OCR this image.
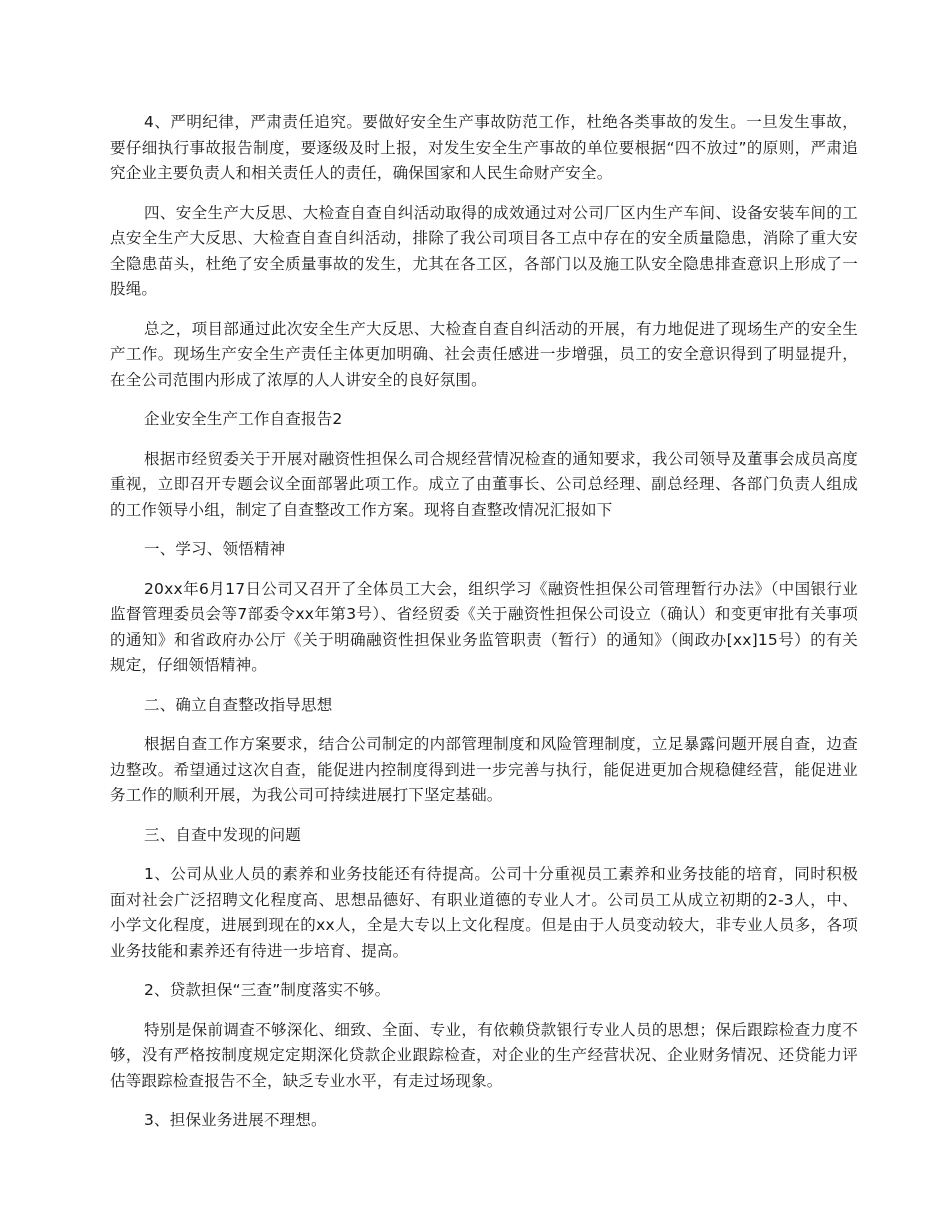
4、严明纪律，严肃责任追究。要做好安全生产事故防范工作，杜绝各类事故的发生。一旦发生事故，要仔细执行事故报告制度，要逐级及时上报，对发生安全生产事故的单位要根据“四不放过”的原则，严肃追究企业主要负责人和相关责任人的责任，确保国家和人民生命财产安全。

四、安全生产大反思、大检查自查自纠活动取得的成效通过对公司厂区内生产车间、设备安装车间的工点安全生产大反思、大检查自查自纠活动，排除了我公司项目各工点中存在的安全质量隐患，消除了重大安全隐患苗头，杜绝了安全质量事故的发生，尤其在各工区，各部门以及施工队安全隐患排查意识上形成了一股绳。

总之，项目部通过此次安全生产大反思、大检查自查自纠活动的开展，有力地促进了现场生产的安全生产工作。现场生产安全生产责任主体更加明确、社会责任感进一步增强，员工的安全意识得到了明显提升，在全公司范围内形成了浓厚的人人讲安全的良好氛围。

企业安全生产工作自查报告2

根据市经贸委关于开展对融资性担保么司合规经营情况检查的通知要求，我公司领导及董事会成员高度重视，立即召开专题会议全面部署此项工作。成立了由董事长、公司总经理、副总经理、各部门负责人组成的工作领导小组，制定了自查整改工作方案。现将自查整改情况汇报如下

一、学习、领悟精神

20xx年6月17日公司又召开了全体员工大会，组织学习《融资性担保公司管理暂行办法》（中国银行业监督管理委员会等7部委令xx年第3号）、省经贸委《关于融资性担保公司设立（确认）和变更审批有关事项的通知》和省政府办公厅《关于明确融资性担保业务监管职责（暂行）的通知》（闽政办[xx]15号）的有关规定，仔细领悟精神。

二、确立自查整改指导思想

根据自查工作方案要求，结合公司制定的内部管理制度和风险管理制度，立足暴露问题开展自查，边查边整改。希望通过这次自查，能促进内控制度得到进一步完善与执行，能促进更加合规稳健经营，能促进业务工作的顺利开展，为我公司可持续进展打下坚定基础。

三、自查中发现的问题

1、公司从业人员的素养和业务技能还有待提高。公司十分重视员工素养和业务技能的培育，同时积极面对社会广泛招聘文化程度高、思想品德好、有职业道德的专业人才。公司员工从成立初期的2-3人，中、小学文化程度，进展到现在的xx人，全是大专以上文化程度。但是由于人员变动较大，非专业人员多，各项业务技能和素养还有待进一步培育、提高。

2、贷款担保“三查”制度落实不够。

特别是保前调查不够深化、细致、全面、专业，有依赖贷款银行专业人员的思想；保后跟踪检查力度不够，没有严格按制度规定定期深化贷款企业跟踪检查，对企业的生产经营状况、企业财务情况、还贷能力评估等跟踪检查报告不全，缺乏专业水平，有走过场现象。

3、担保业务进展不理想。
